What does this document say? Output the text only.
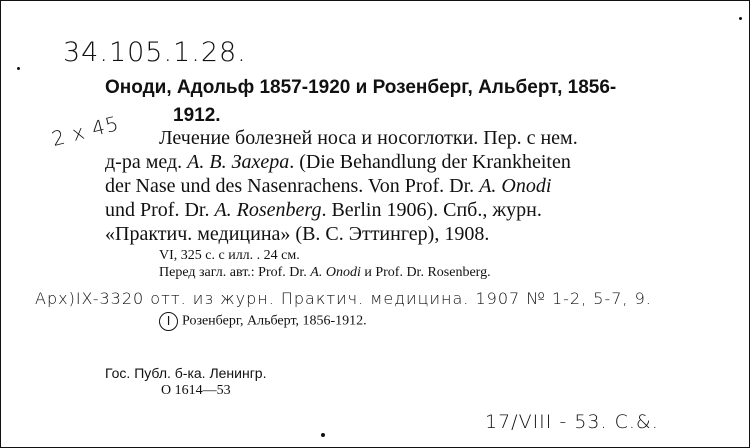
34.105.1.28.
Оноди, Адольф 1857-1920 и Розенберг, Альберт, 1856-
1912.
2 x 45 Лечение болезней носа и носоглотки. Пер. с нем.
д-ра мед. А. В. Захера. (Die Behandlung der Krankheiten
der Nase und des Nasenrachens. Von Prof. Dr. A. Onodi
und Prof. Dr. A. Rosenberg. Berlin 1906). Спб., журн.
«Практич. медицина» (В. С. Эттингер), 1908.
VI, 325 с. с илл. . 24 см.
Перед загл. авт.: Prof. Dr. A. Onodi и Prof. Dr. Rosenberg.
Apx)IX-3320 отт. из журн. Практич. медицина. 1907 № 1-2, 5-7, 9.
I Розенберг, Альберт, 1856-1912.
Гос. Публ. б-ка. Ленингр.
О 1614—53
17/VIII - 53. С.&.
